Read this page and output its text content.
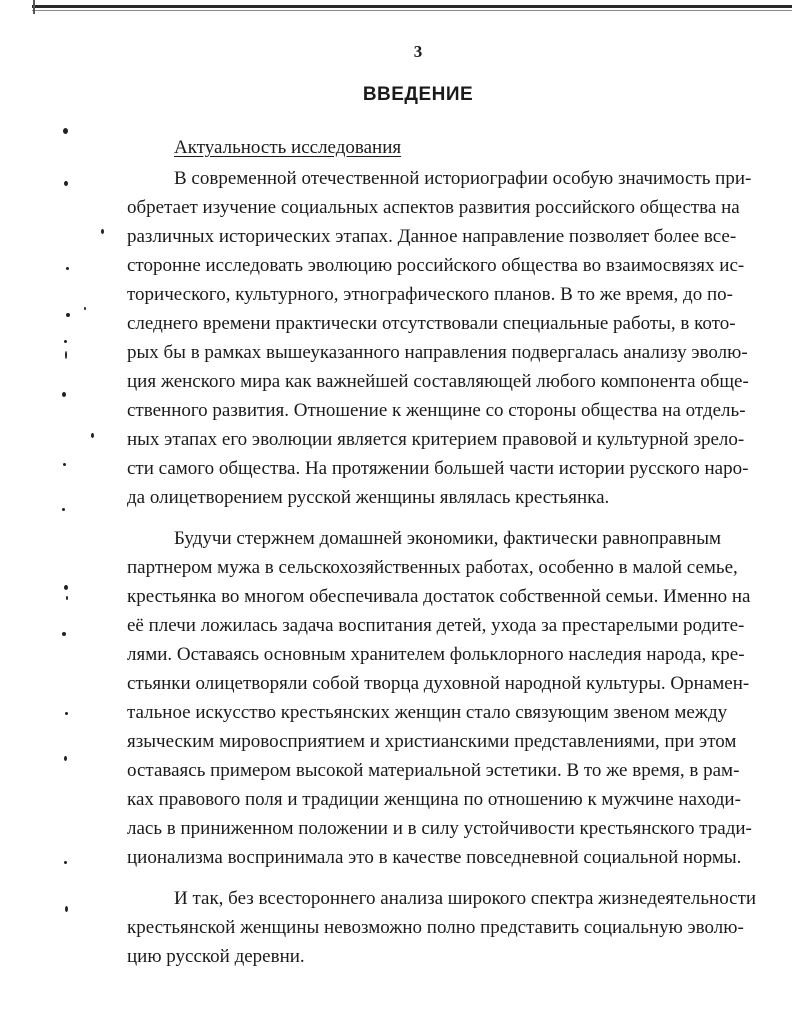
3
ВВЕДЕНИЕ
Актуальность исследования
В современной отечественной историографии особую значимость при-
обретает изучение социальных аспектов развития российского общества на
различных исторических этапах. Данное направление позволяет более все-
сторонне исследовать эволюцию российского общества во взаимосвязях ис-
торического, культурного, этнографического планов. В то же время, до по-
следнего времени практически отсутствовали специальные работы, в кото-
рых бы в рамках вышеуказанного направления подвергалась анализу эволю-
ция женского мира как важнейшей составляющей любого компонента обще-
ственного развития. Отношение к женщине со стороны общества на отдель-
ных этапах его эволюции является критерием правовой и культурной зрело-
сти самого общества. На протяжении большей части истории русского наро-
да олицетворением русской женщины являлась крестьянка.
Будучи стержнем домашней экономики, фактически равноправным
партнером мужа в сельскохозяйственных работах, особенно в малой семье,
крестьянка во многом обеспечивала достаток собственной семьи. Именно на
её плечи ложилась задача воспитания детей, ухода за престарелыми родите-
лями. Оставаясь основным хранителем фольклорного наследия народа, кре-
стьянки олицетворяли собой творца духовной народной культуры. Орнамен-
тальное искусство крестьянских женщин стало связующим звеном между
языческим мировосприятием и христианскими представлениями, при этом
оставаясь примером высокой материальной эстетики. В то же время, в рам-
ках правового поля и традиции женщина по отношению к мужчине находи-
лась в приниженном положении и в силу устойчивости крестьянского тради-
ционализма воспринимала это в качестве повседневной социальной нормы.
И так, без всестороннего анализа широкого спектра жизнедеятельности
крестьянской женщины невозможно полно представить социальную эволю-
цию русской деревни.
